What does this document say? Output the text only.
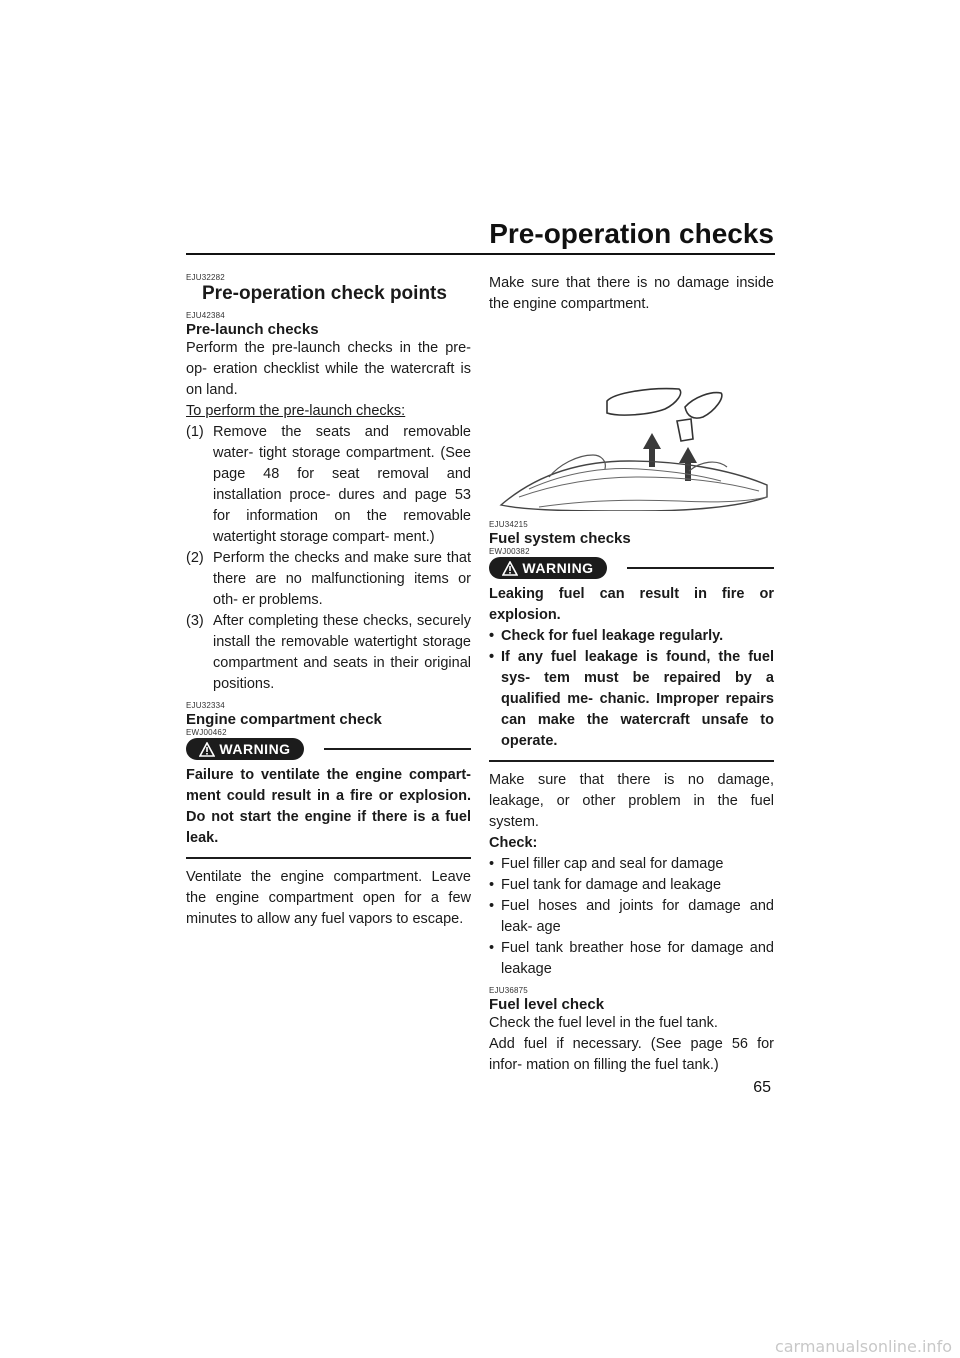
Pre-operation checks
EJU32282
Pre-operation check points
EJU42384
Pre-launch checks

Perform the pre-launch checks in the pre-op- eration checklist while the watercraft is on land.

To perform the pre-launch checks:

(1) Remove the seats and removable water- tight storage compartment. (See page 48 for seat removal and installation proce- dures and page 53 for information on the removable watertight storage compart- ment.)
(2) Perform the checks and make sure that there are no malfunctioning items or oth- er problems.
(3) After completing these checks, securely install the removable watertight storage compartment and seats in their original positions.
EJU32334
Engine compartment check
EWJ00462
WARNING
Failure to ventilate the engine compart- ment could result in a fire or explosion. Do not start the engine if there is a fuel leak.

Ventilate the engine compartment. Leave the engine compartment open for a few minutes to allow any fuel vapors to escape.

Make sure that there is no damage inside the engine compartment.

EJU34215
Fuel system checks
EWJ00382
WARNING
Leaking fuel can result in fire or explosion.
• Check for fuel leakage regularly.
• If any fuel leakage is found, the fuel sys- tem must be repaired by a qualified me- chanic. Improper repairs can make the watercraft unsafe to operate.

Make sure that there is no damage, leakage, or other problem in the fuel system.

Check:

• Fuel filler cap and seal for damage
• Fuel tank for damage and leakage
• Fuel hoses and joints for damage and leak- age
• Fuel tank breather hose for damage and leakage
EJU36875
Fuel level check

Check the fuel level in the fuel tank.

Add fuel if necessary. (See page 56 for infor- mation on filling the fuel tank.)

65
carmanualsonline.info
